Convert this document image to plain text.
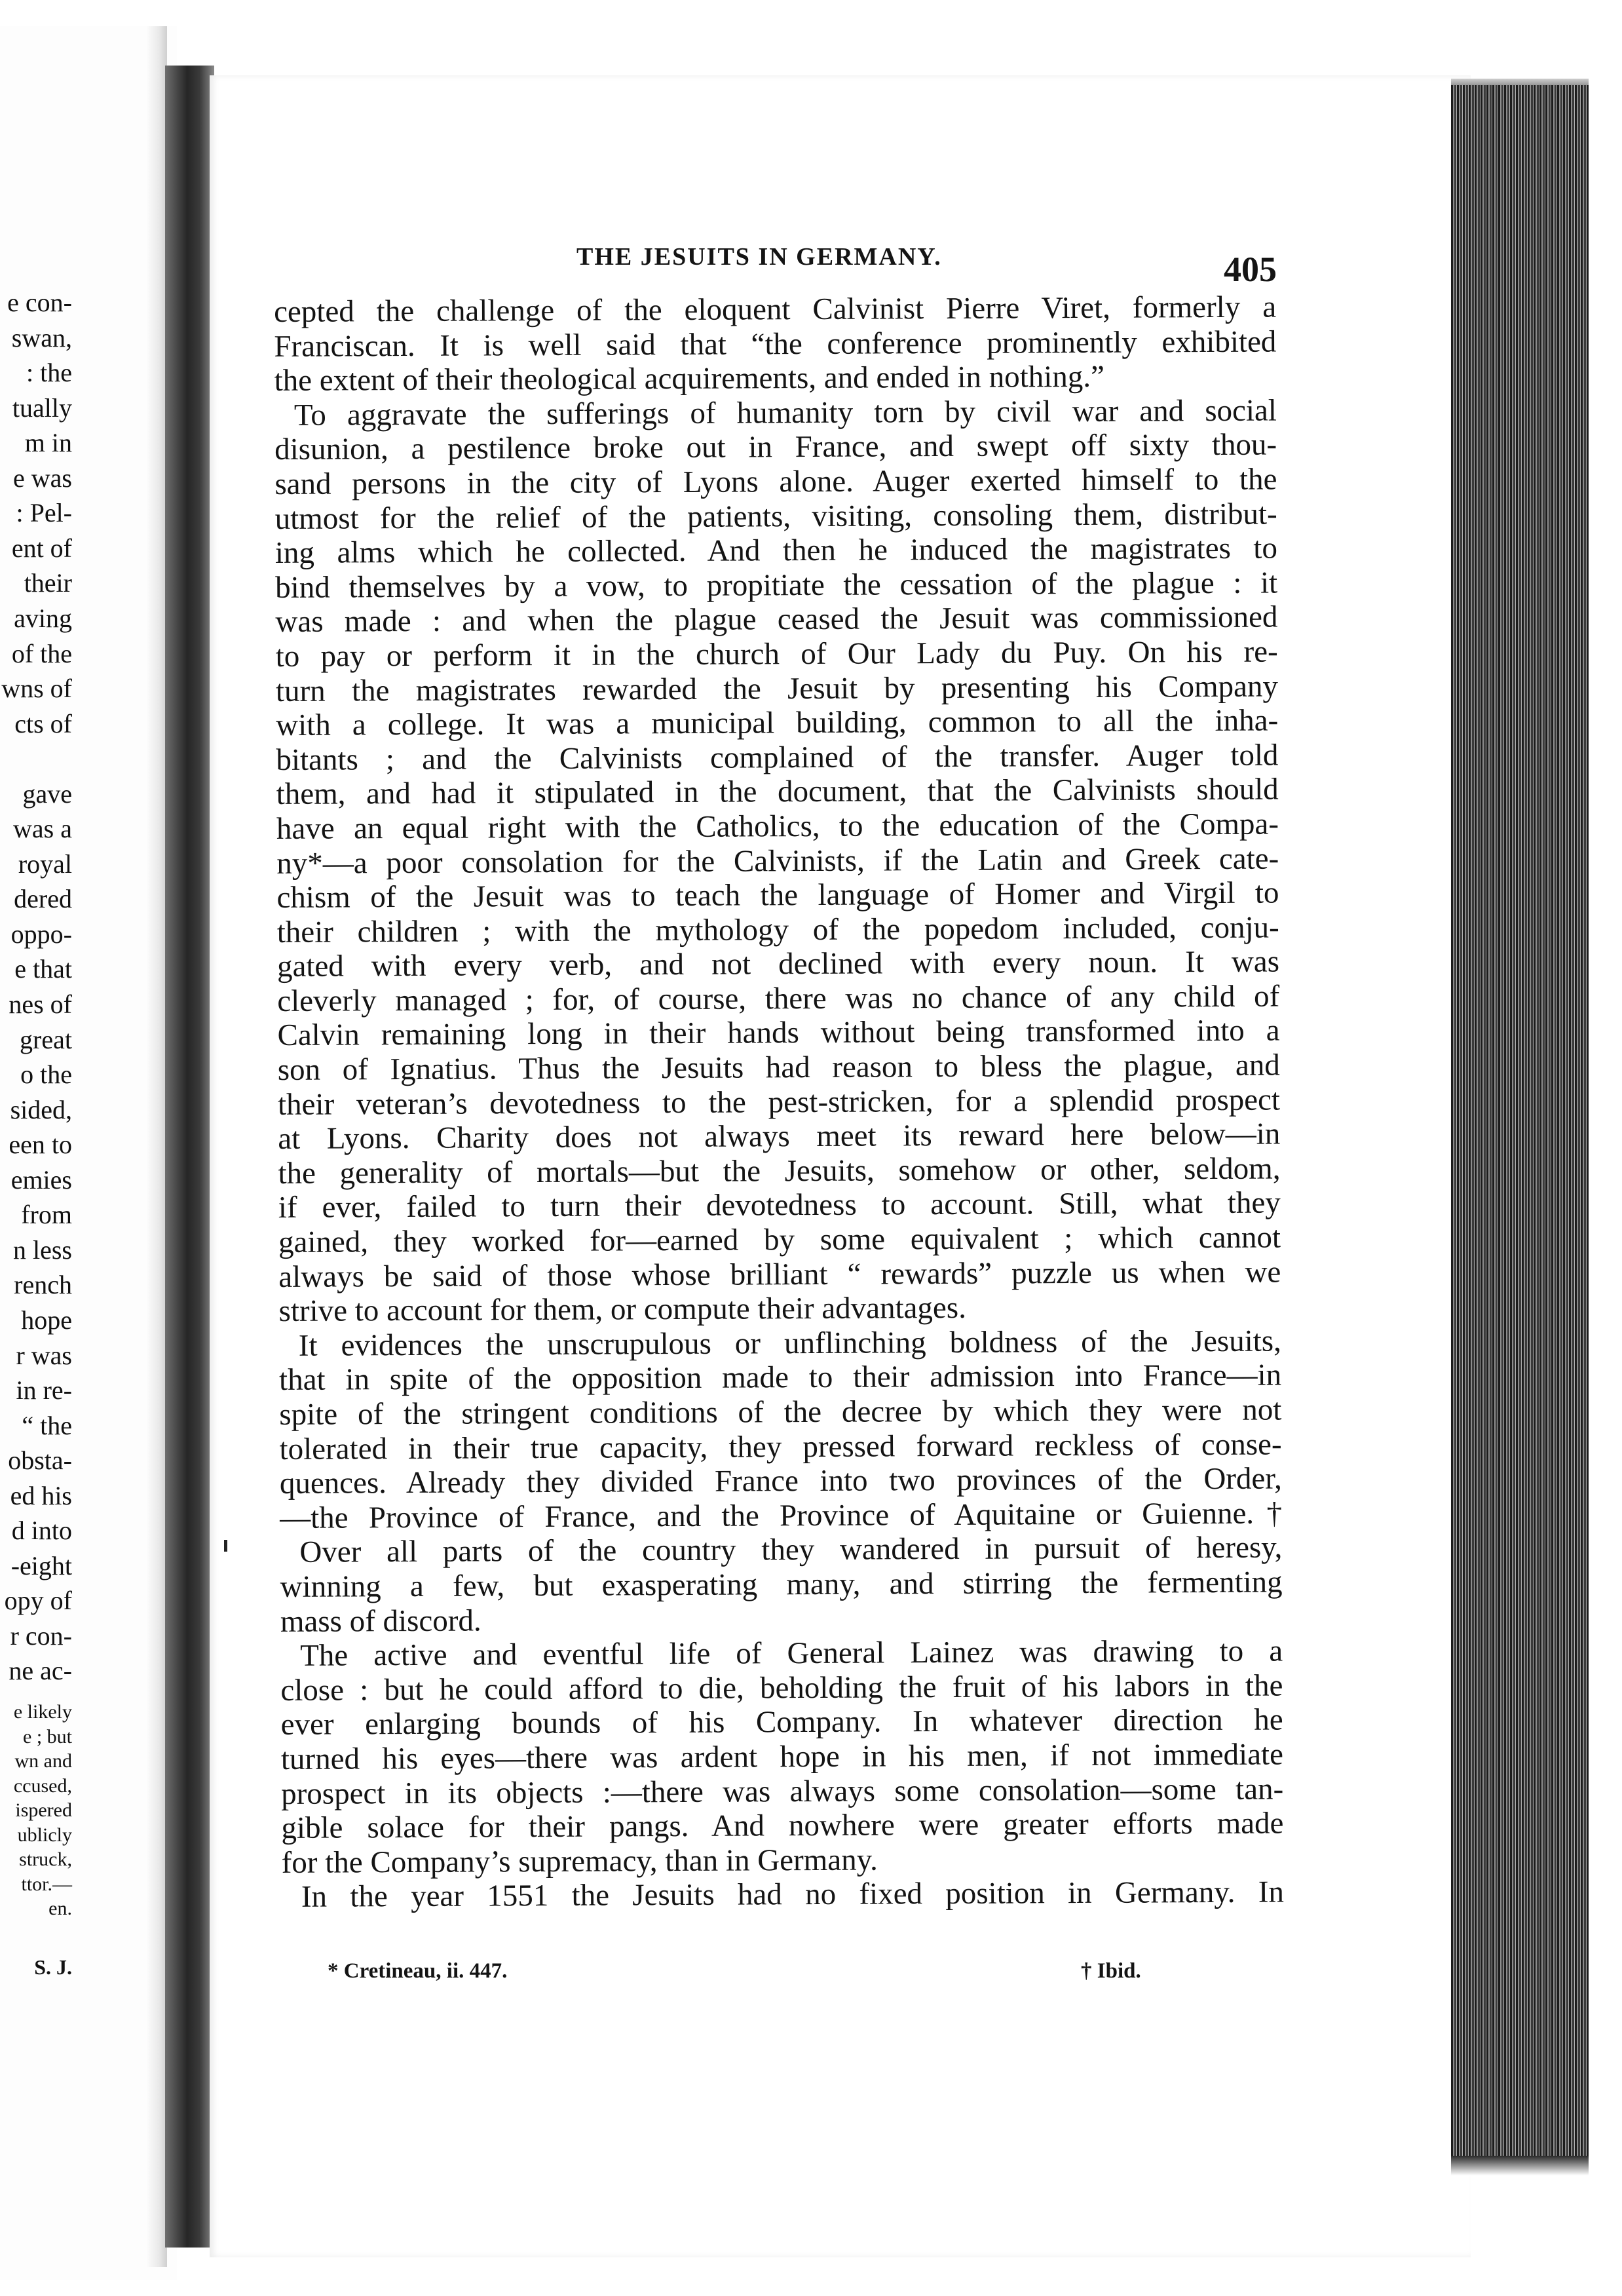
e con-
swan,
: the
tually
m in
e was
: Pel-
ent of
their
aving
of the
wns of
cts of
gave
was a
royal
dered
oppo-
e that
nes of
great
o the
sided,
een to
emies
from
n less
rench
hope
r was
in re-
“ the
obsta-
ed his
d into
-eight
opy of
r con-
ne ac-
e likely
e ; but
wn and
ccused,
ispered
ublicly
struck,
ttor.—
en.
S. J.
THE JESUITS IN GERMANY.	405
cepted the challenge of the eloquent Calvinist Pierre Viret, formerly a
Franciscan. It is well said that “the conference prominently exhibited
the extent of their theological acquirements, and ended in nothing.”
To aggravate the sufferings of humanity torn by civil war and social
disunion, a pestilence broke out in France, and swept off sixty thou-
sand persons in the city of Lyons alone. Auger exerted himself to the
utmost for the relief of the patients, visiting, consoling them, distribut-
ing alms which he collected. And then he induced the magistrates to
bind themselves by a vow, to propitiate the cessation of the plague : it
was made : and when the plague ceased the Jesuit was commissioned
to pay or perform it in the church of Our Lady du Puy. On his re-
turn the magistrates rewarded the Jesuit by presenting his Company
with a college. It was a municipal building, common to all the inha-
bitants ; and the Calvinists complained of the transfer. Auger told
them, and had it stipulated in the document, that the Calvinists should
have an equal right with the Catholics, to the education of the Compa-
ny*—a poor consolation for the Calvinists, if the Latin and Greek cate-
chism of the Jesuit was to teach the language of Homer and Virgil to
their children ; with the mythology of the popedom included, conju-
gated with every verb, and not declined with every noun. It was
cleverly managed ; for, of course, there was no chance of any child of
Calvin remaining long in their hands without being transformed into a
son of Ignatius. Thus the Jesuits had reason to bless the plague, and
their veteran’s devotedness to the pest-stricken, for a splendid prospect
at Lyons. Charity does not always meet its reward here below—in
the generality of mortals—but the Jesuits, somehow or other, seldom,
if ever, failed to turn their devotedness to account. Still, what they
gained, they worked for—earned by some equivalent ; which cannot
always be said of those whose brilliant “ rewards” puzzle us when we
strive to account for them, or compute their advantages.
It evidences the unscrupulous or unflinching boldness of the Jesuits,
that in spite of the opposition made to their admission into France—in
spite of the stringent conditions of the decree by which they were not
tolerated in their true capacity, they pressed forward reckless of conse-
quences. Already they divided France into two provinces of the Order,
—the Province of France, and the Province of Aquitaine or Guienne.†
Over all parts of the country they wandered in pursuit of heresy,
winning a few, but exasperating many, and stirring the fermenting
mass of discord.
The active and eventful life of General Lainez was drawing to a
close : but he could afford to die, beholding the fruit of his labors in the
ever enlarging bounds of his Company. In whatever direction he
turned his eyes—there was ardent hope in his men, if not immediate
prospect in its objects :—there was always some consolation—some tan-
gible solace for their pangs. And nowhere were greater efforts made
for the Company’s supremacy, than in Germany.
In the year 1551 the Jesuits had no fixed position in Germany. In
* Cretineau, ii. 447.	† Ibid.
